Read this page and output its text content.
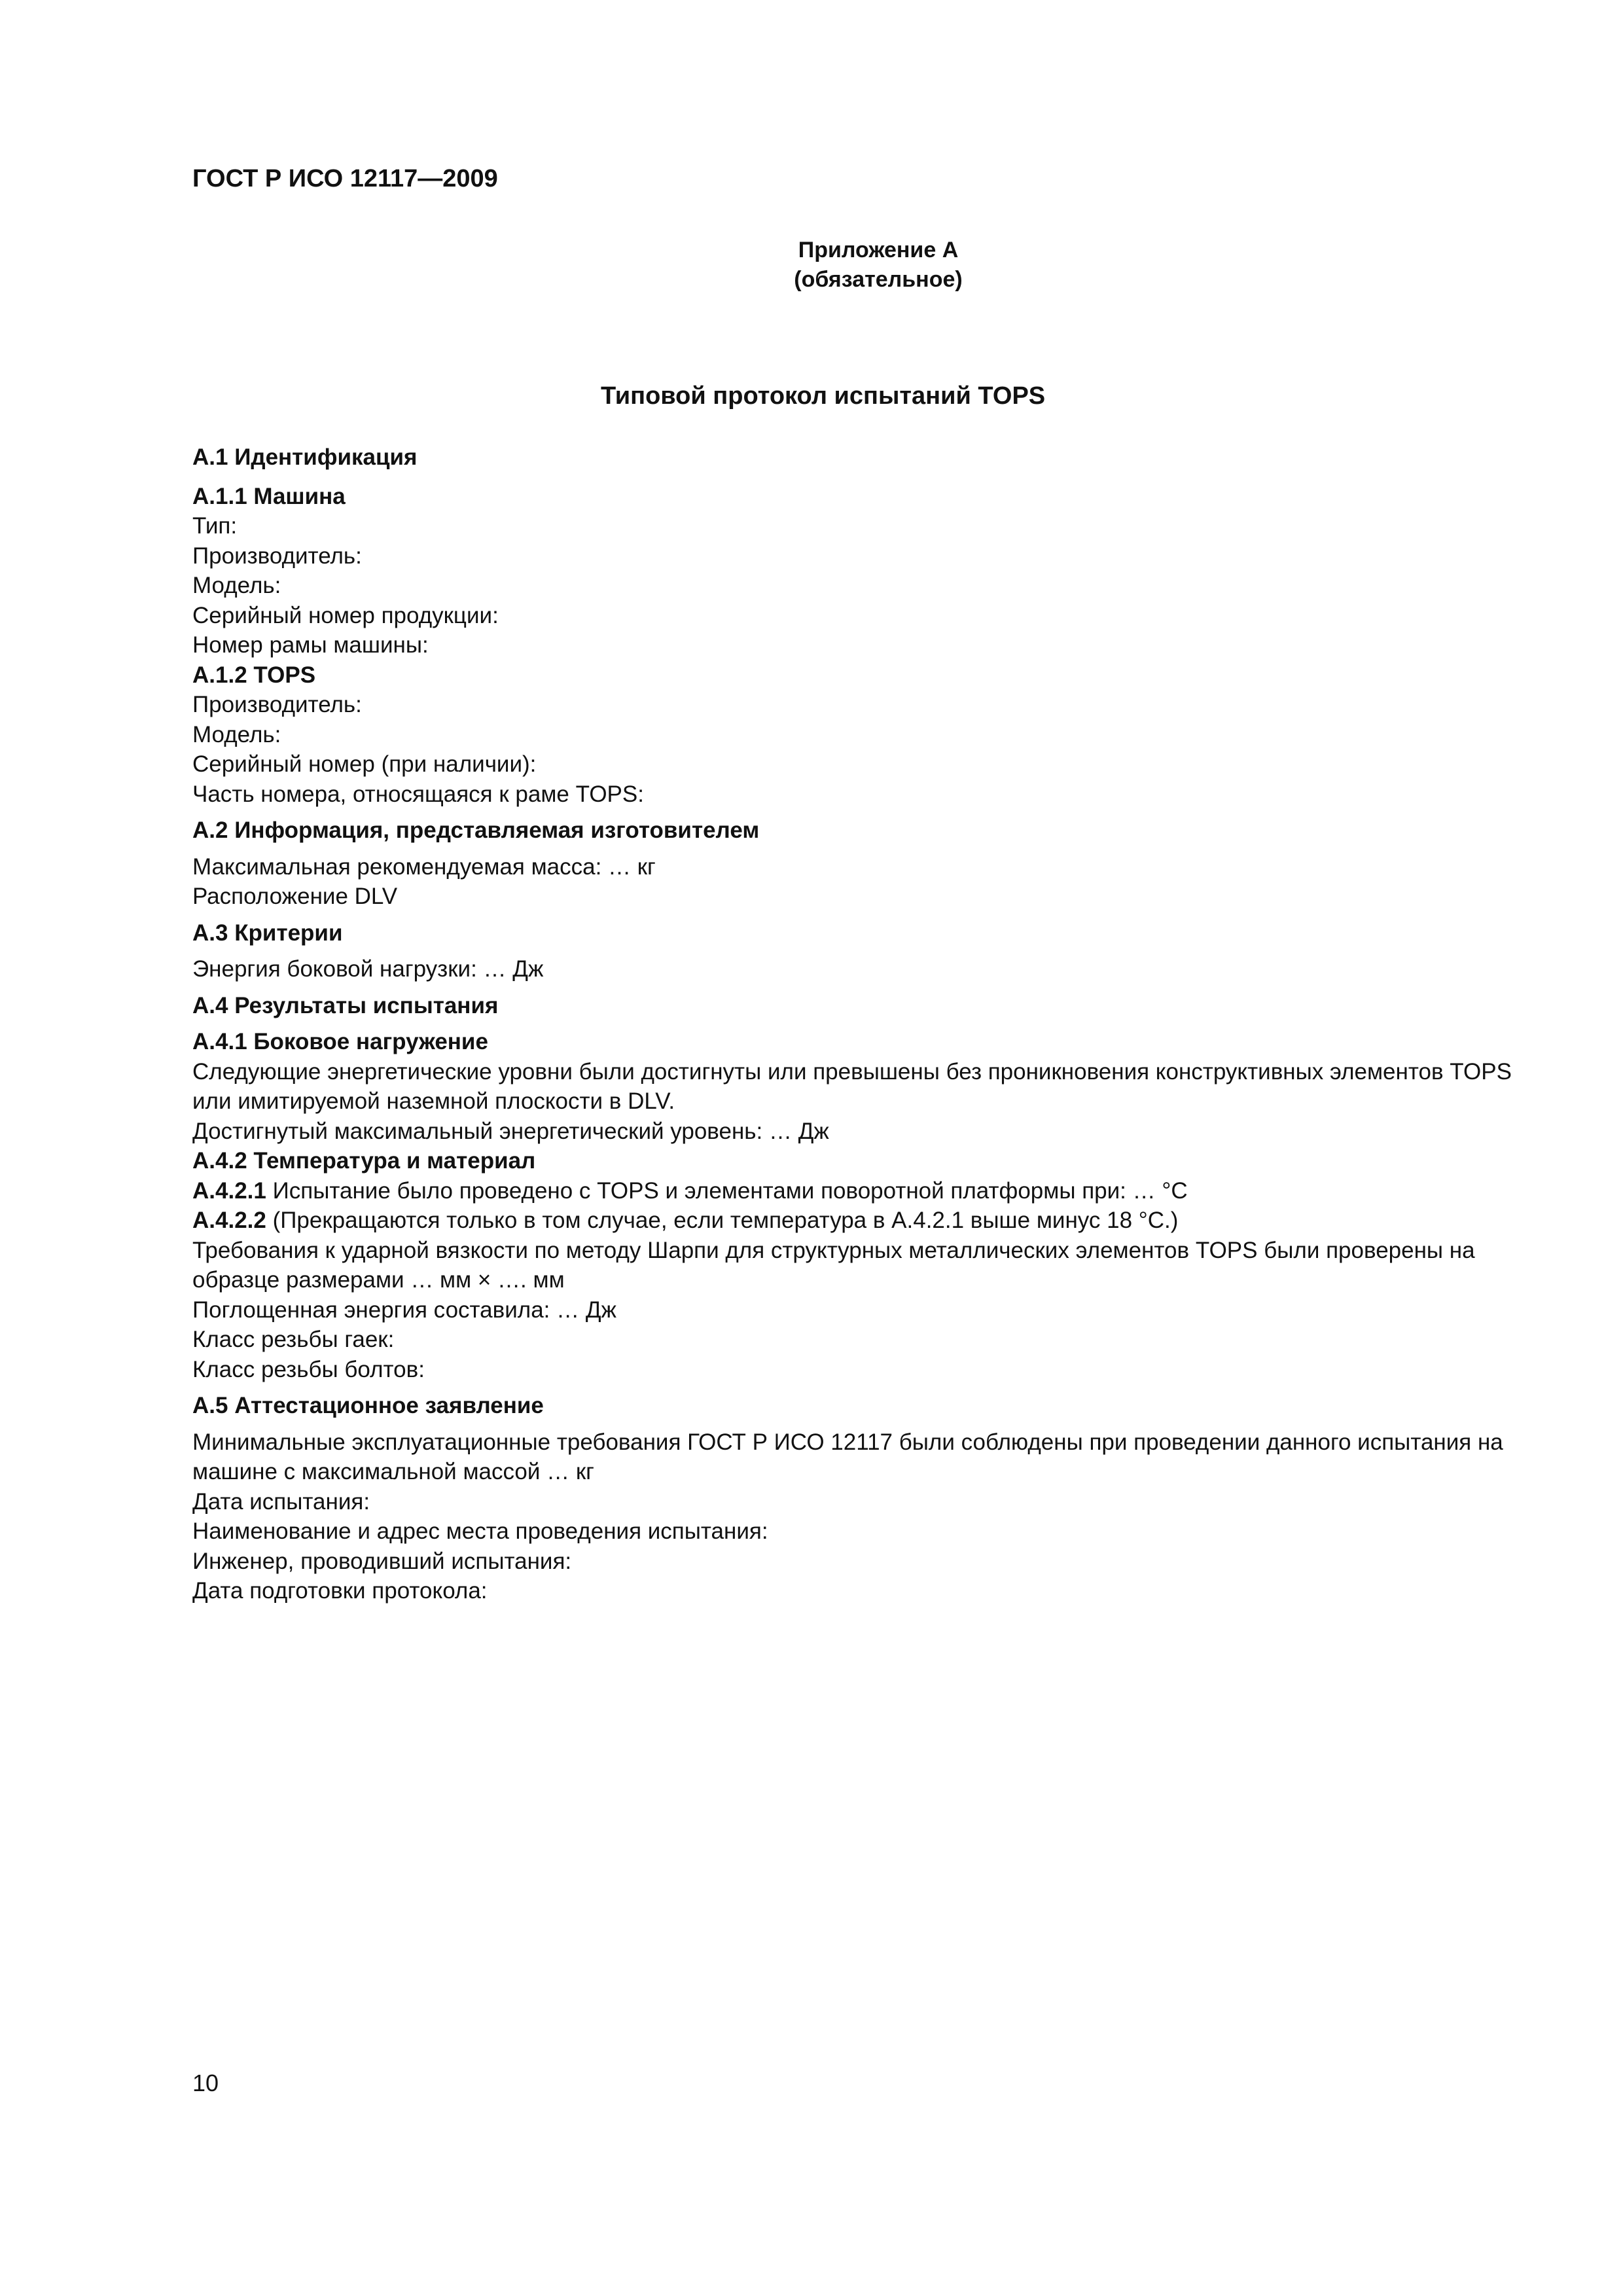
ГОСТ Р ИСО 12117—2009
Приложение А
(обязательное)
Типовой протокол испытаний TOPS
А.1 Идентификация
А.1.1 Машина
Тип:
Производитель:
Модель:
Серийный номер продукции:
Номер рамы машины:
А.1.2 TOPS
Производитель:
Модель:
Серийный номер (при наличии):
Часть номера, относящаяся к раме TOPS:
А.2 Информация, представляемая изготовителем
Максимальная рекомендуемая масса: … кг
Расположение DLV
А.3 Критерии
Энергия боковой нагрузки: … Дж
А.4 Результаты испытания
А.4.1 Боковое нагружение
Следующие энергетические уровни были достигнуты или превышены без проникновения конструктивных элементов TOPS или имитируемой наземной плоскости в DLV.
Достигнутый максимальный энергетический уровень: … Дж
А.4.2 Температура и материал
А.4.2.1 Испытание было проведено с TOPS и элементами поворотной платформы при: … °С
А.4.2.2 (Прекращаются только в том случае, если температура в А.4.2.1 выше минус 18 °С.)
Требования к ударной вязкости по методу Шарпи для структурных металлических элементов TOPS были проверены на образце размерами … мм × …. мм
Поглощенная энергия составила: … Дж
Класс резьбы гаек:
Класс резьбы болтов:
А.5 Аттестационное заявление
Минимальные эксплуатационные требования ГОСТ Р ИСО 12117 были соблюдены при проведении данного испытания на машине с максимальной массой … кг
Дата испытания:
Наименование и адрес места проведения испытания:
Инженер, проводивший испытания:
Дата подготовки протокола:
10
